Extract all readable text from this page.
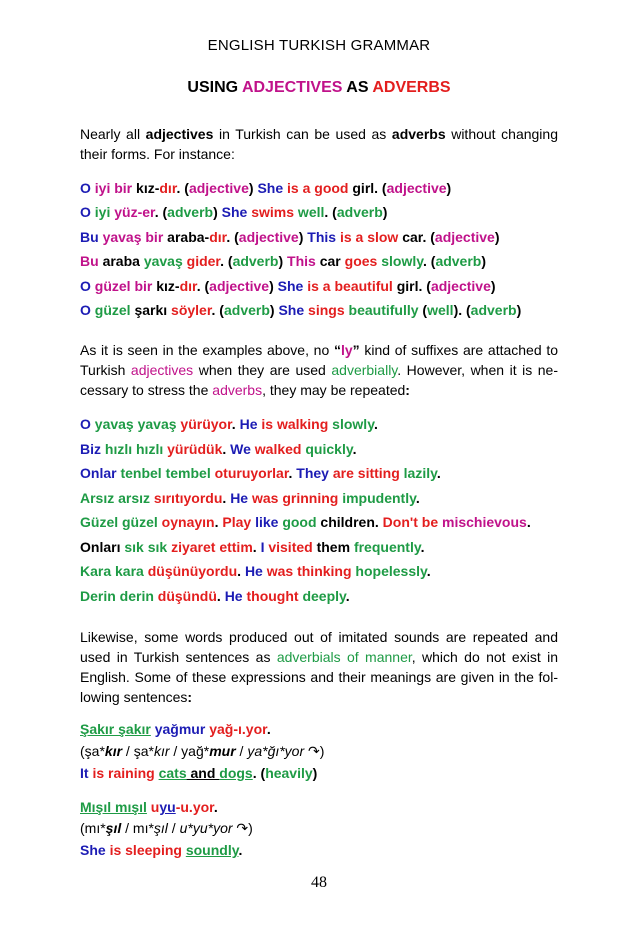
ENGLISH TURKISH GRAMMAR
USING ADJECTIVES AS ADVERBS
Nearly all adjectives in Turkish can be used as adverbs without changing their forms. For instance:
O iyi bir kız-dır. (adjective) She is a good girl. (adjective)
O iyi yüz-er. (adverb) She swims well. (adverb)
Bu yavaş bir araba-dır. (adjective) This is a slow car. (adjective)
Bu araba yavaş gider. (adverb) This car goes slowly. (adverb)
O güzel bir kız-dır. (adjective) She is a beautiful girl. (adjective)
O güzel şarkı söyler. (adverb) She sings beautifully (well). (adverb)
As it is seen in the examples above, no “ly” kind of suffixes are attached to Turkish adjectives when they are used adverbially. However, when it is ne-cessary to stress the adverbs, they may be repeated:
O yavaş yavaş yürüyor. He is walking slowly.
Biz hızlı hızlı yürüdük. We walked quickly.
Onlar tenbel tembel oturuyorlar. They are sitting lazily.
Arsız arsız sırıtıyordu. He was grinning impudently.
Güzel güzel oynayın. Play like good children. Don't be mischievous.
Onları sık sık ziyaret ettim. I visited them frequently.
Kara kara düşünüyordu. He was thinking hopelessly.
Derin derin düşündü. He thought deeply.
Likewise, some words produced out of imitated sounds are repeated and used in Turkish sentences as adverbials of manner, which do not exist in English. Some of these expressions and their meanings are given in the fol-lowing sentences:
Şakır şakır yağmur yağ-ı.yor.
(şa*kır / şa*kır / yağ*mur / ya*ğı*yor ↷)
It is raining cats and dogs. (heavily)
Mışıl mışıl uyu-u.yor.
(mı*şıl / mı*şıl / u*yu*yor ↷)
She is sleeping soundly.
48
